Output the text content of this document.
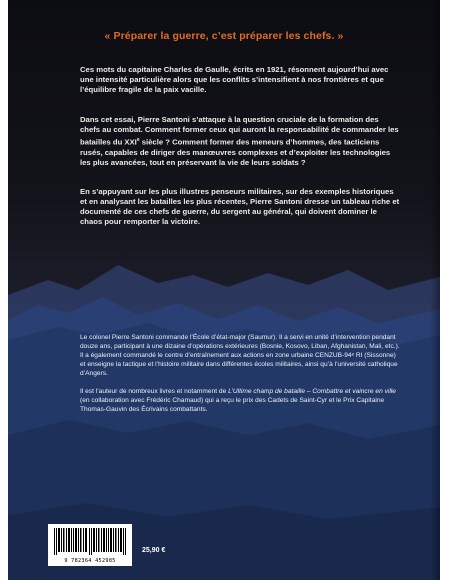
« Préparer la guerre, c’est préparer les chefs. »
Ces mots du capitaine Charles de Gaulle, écrits en 1921, résonnent aujourd’hui avec une intensité particulière alors que les conflits s’intensifient à nos frontières et que l’équilibre fragile de la paix vacille.
Dans cet essai, Pierre Santoni s’attaque à la question cruciale de la formation des chefs au combat. Comment former ceux qui auront la responsabilité de commander les batailles du XXIe siècle ? Comment former des meneurs d’hommes, des tacticiens rusés, capables de diriger des manœuvres complexes et d’exploiter les technologies les plus avancées, tout en préservant la vie de leurs soldats ?
En s’appuyant sur les plus illustres penseurs militaires, sur des exemples historiques et en analysant les batailles les plus récentes, Pierre Santoni dresse un tableau riche et documenté de ces chefs de guerre, du sergent au général, qui doivent dominer le chaos pour remporter la victoire.
Le colonel Pierre Santoni commande l’École d’état-major (Saumur). Il a servi en unité d’intervention pendant douze ans, participant à une dizaine d’opérations extérieures (Bosnie, Kosovo, Liban, Afghanistan, Mali, etc.). Il a également commandé le centre d’entraînement aux actions en zone urbaine CENZUB-94ᵉ RI (Sissonne) et enseigne la tactique et l’histoire militaire dans différentes écoles militaires, ainsi qu’à l’université catholique d’Angers.
Il est l’auteur de nombreux livres et notamment de L’Ultime champ de bataille – Combattre et vaincre en ville (en collaboration avec Frédéric Chamaud) qui a reçu le prix des Cadets de Saint-Cyr et le Prix Capitaine Thomas-Gauvin des Écrivains combattants.
9 782364 452985
25,90 €
